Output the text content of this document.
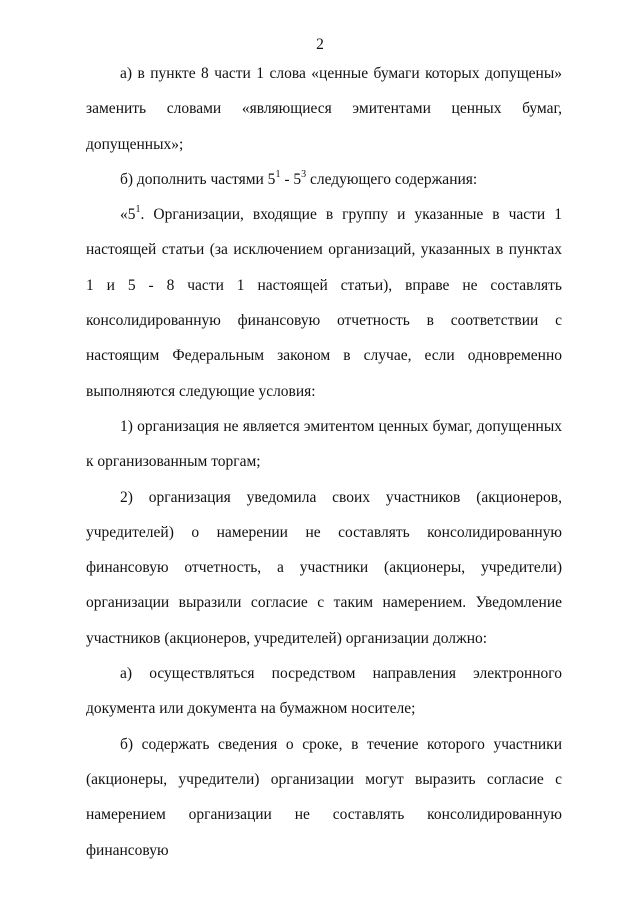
2

а) в пункте 8 части 1 слова «ценные бумаги которых допущены» заменить словами «являющиеся эмитентами ценных бумаг, допущенных»;

б) дополнить частями $5^1 - 5^3$ следующего содержания:

«$5^1$. Организации, входящие в группу и указанные в части 1 настоящей статьи (за исключением организаций, указанных в пунктах 1 и 5 - 8 части 1 настоящей статьи), вправе не составлять консолидированную финансовую отчетность в соответствии с настоящим Федеральным законом в случае, если одновременно выполняются следующие условия:

1) организация не является эмитентом ценных бумаг, допущенных к организованным торгам;

2) организация уведомила своих участников (акционеров, учредителей) о намерении не составлять консолидированную финансовую отчетность, а участники (акционеры, учредители) организации выразили согласие с таким намерением. Уведомление участников (акционеров, учредителей) организации должно:

а) осуществляться посредством направления электронного документа или документа на бумажном носителе;

б) содержать сведения о сроке, в течение которого участники (акционеры, учредители) организации могут выразить согласие с намерением организации не составлять консолидированную финансовую
